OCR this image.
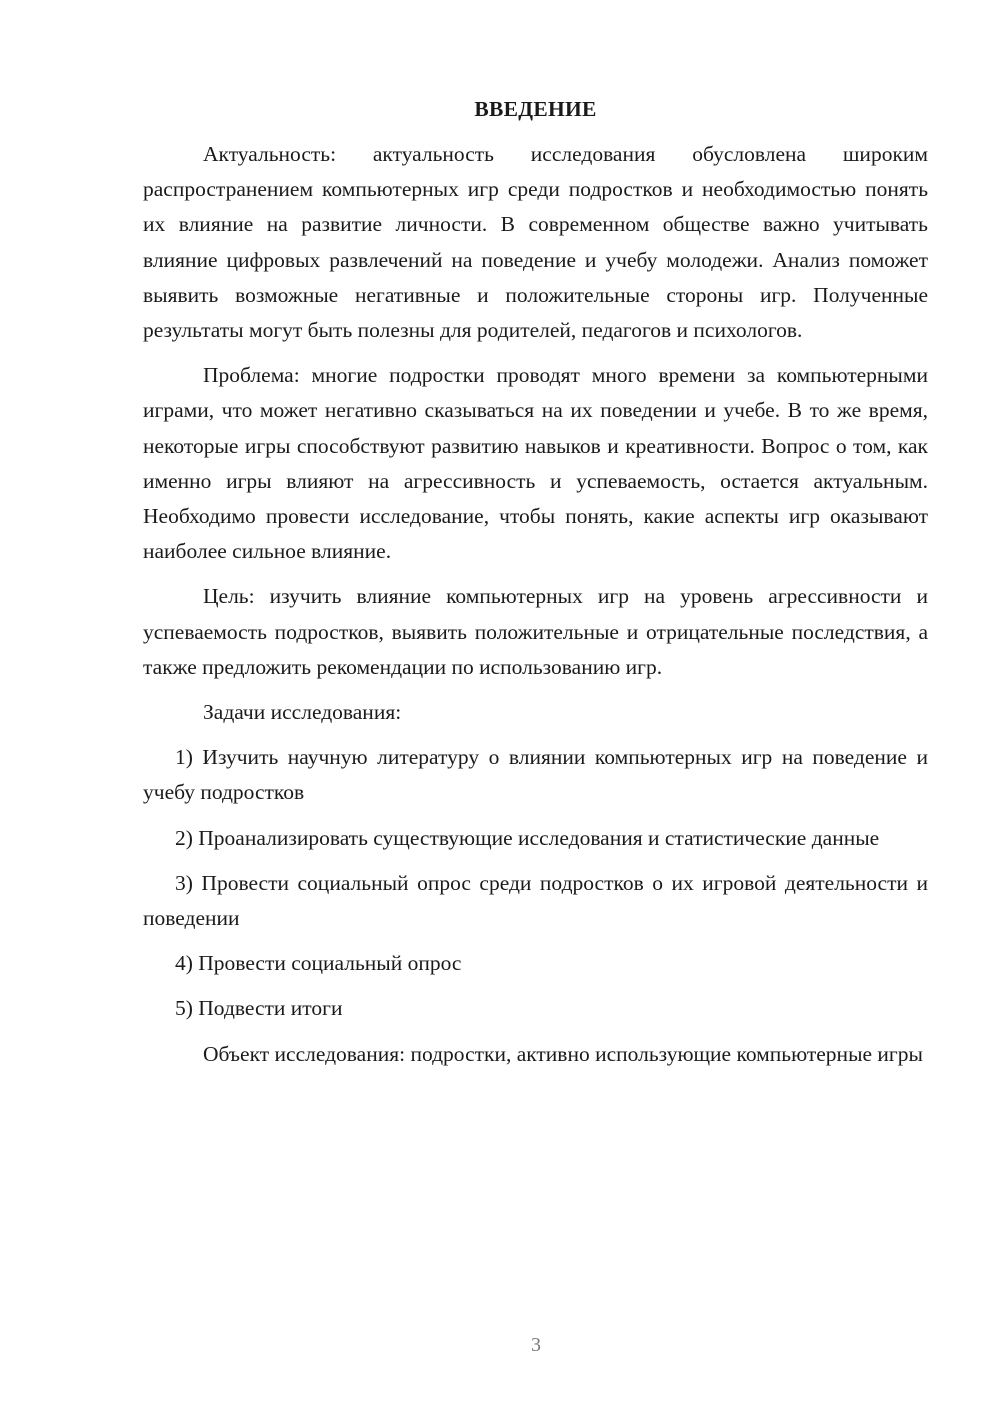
ВВЕДЕНИЕ

Актуальность: актуальность исследования обусловлена широким распространением компьютерных игр среди подростков и необходимостью понять их влияние на развитие личности. В современном обществе важно учитывать влияние цифровых развлечений на поведение и учебу молодежи. Анализ поможет выявить возможные негативные и положительные стороны игр. Полученные результаты могут быть полезны для родителей, педагогов и психологов.

Проблема: многие подростки проводят много времени за компьютерными играми, что может негативно сказываться на их поведении и учебе. В то же время, некоторые игры способствуют развитию навыков и креативности. Вопрос о том, как именно игры влияют на агрессивность и успеваемость, остается актуальным. Необходимо провести исследование, чтобы понять, какие аспекты игр оказывают наиболее сильное влияние.

Цель: изучить влияние компьютерных игр на уровень агрессивности и успеваемость подростков, выявить положительные и отрицательные последствия, а также предложить рекомендации по использованию игр.

Задачи исследования:

1) Изучить научную литературу о влиянии компьютерных игр на поведение и учебу подростков

2) Проанализировать существующие исследования и статистические данные

3) Провести социальный опрос среди подростков о их игровой деятельности и поведении

4) Провести социальный опрос

5) Подвести итоги

Объект исследования: подростки, активно использующие компьютерные игры

3
